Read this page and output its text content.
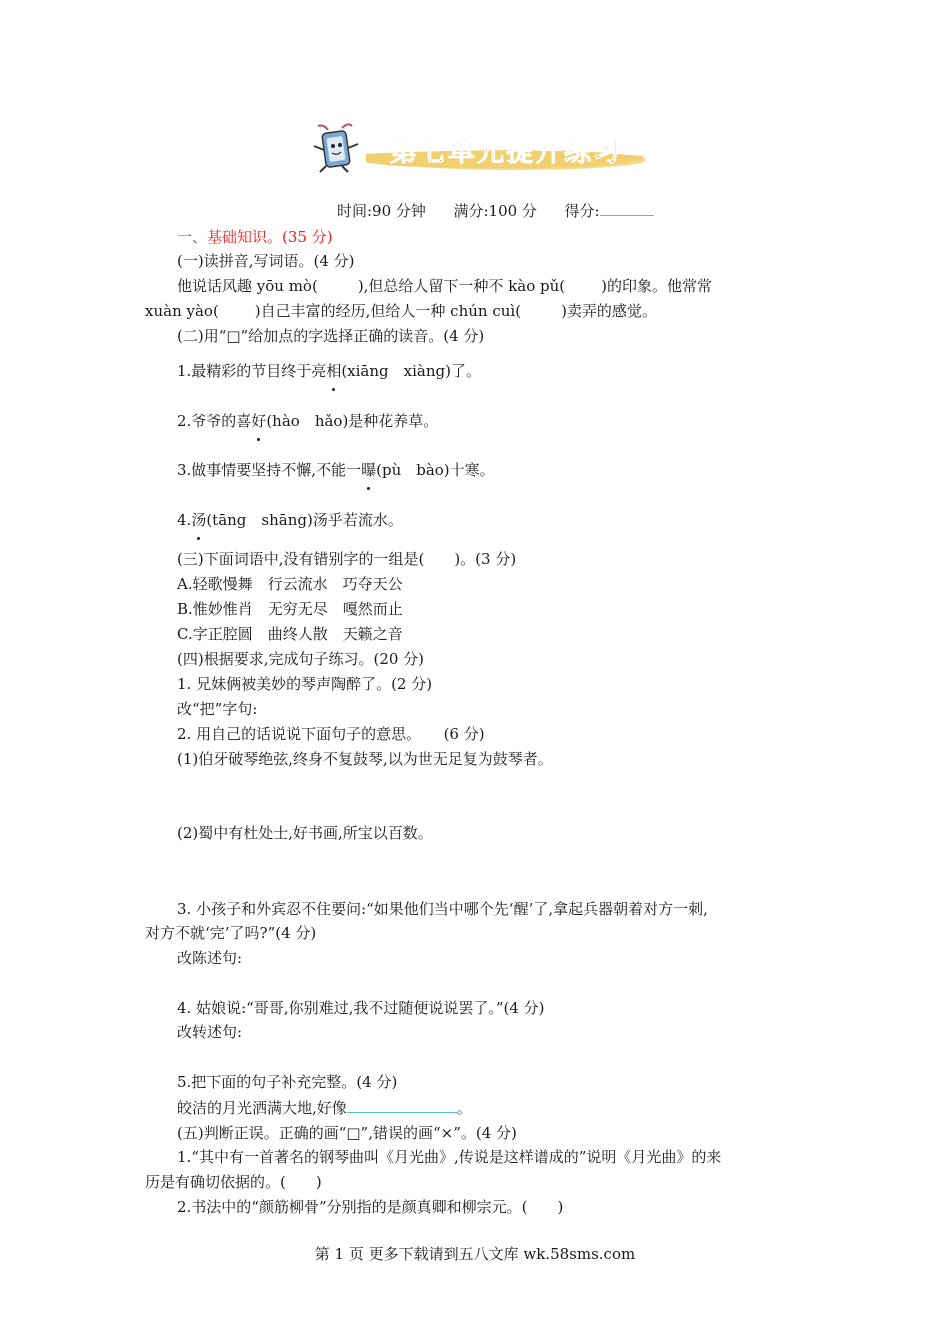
第七单元提升练习
时间:90 分钟 满分:100 分 得分:
一、基础知识。(35 分)
(一)读拼音,写词语。(4 分)
他说话风趣 yōu mò(	),但总给人留下一种不 kào pǔ( )的印象。他常常
xuàn yào( )自己丰富的经历,但给人一种 chún cuì(	)卖弄的感觉。
(二)用“□”给加点的字选择正确的读音。(4 分)
1.最精彩的节目终于亮相(xiāng　xiàng)了。
2.爷爷的喜好(hào　hǎo)是种花养草。
3.做事情要坚持不懈,不能一曝(pù　bào)十寒。
4.汤(tāng　shāng)汤乎若流水。
(三)下面词语中,没有错别字的一组是(　　)。(3 分)
A.轻歌慢舞　行云流水　巧夺天公
B.惟妙惟肖　无穷无尽　嘎然而止
C.字正腔圆　曲终人散　天籁之音
(四)根据要求,完成句子练习。(20 分)
1. 兄妹俩被美妙的琴声陶醉了。(2 分)
改“把”字句:
2. 用自己的话说说下面句子的意思。　　(6 分)
(1)伯牙破琴绝弦,终身不复鼓琴,以为世无足复为鼓琴者。
(2)蜀中有杜处士,好书画,所宝以百数。
3. 小孩子和外宾忍不住要问:“如果他们当中哪个先‘醒’了,拿起兵器朝着对方一刺,
对方不就‘完’了吗?”(4 分)
改陈述句:
4. 姑娘说:“哥哥,你别难过,我不过随便说说罢了。”(4 分)
改转述句:
5.把下面的句子补充完整。(4 分)
皎洁的月光洒满大地,好像	。
(五)判断正误。正确的画“□”,错误的画“×”。(4 分)
1.“其中有一首著名的钢琴曲叫《月光曲》,传说是这样谱成的”说明《月光曲》的来
历是有确切依据的。(　　)
2.书法中的“颜筋柳骨”分别指的是颜真卿和柳宗元。(　　)
第 1 页 更多下载请到五八文库 wk.58sms.com
